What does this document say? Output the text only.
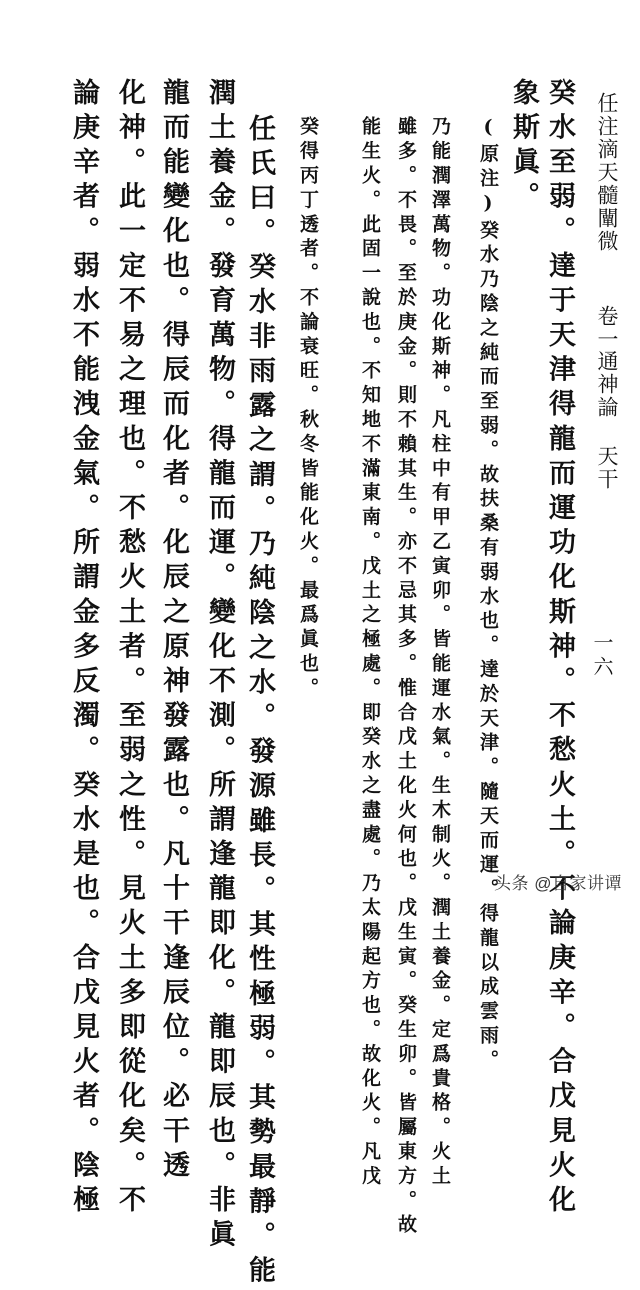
任注滴天髓闡微
卷一
通神論 天干
一六
癸水至弱。達于天津得龍而運功化斯神。不愁火土。不論庚辛。合戊見火化
象斯眞。
(原注)癸水乃陰之純而至弱。故扶桑有弱水也。達於天津。隨天而運。得龍以成雲雨。
乃能潤澤萬物。功化斯神。凡柱中有甲乙寅卯。皆能運水氣。生木制火。潤土養金。定爲貴格。火土
雖多。不畏。至於庚金。則不賴其生。亦不忌其多。惟合戊土化火何也。戊生寅。癸生卯。皆屬東方。故
能生火。此固一說也。不知地不滿東南。戊土之極處。即癸水之盡處。乃太陽起方也。故化火。凡戊
癸得丙丁透者。不論衰旺。秋冬皆能化火。最爲眞也。
任氏曰。癸水非雨露之謂。乃純陰之水。發源雖長。其性極弱。其勢最靜。能
潤土養金。發育萬物。得龍而運。變化不測。所謂逢龍即化。龍即辰也。非眞
龍而能變化也。得辰而化者。化辰之原神發露也。凡十干逢辰位。必干透
化神。此一定不易之理也。不愁火土者。至弱之性。見火土多即從化矣。不
論庚辛者。弱水不能洩金氣。所謂金多反濁。癸水是也。合戊見火者。陰極	头条 @自家讲谭
